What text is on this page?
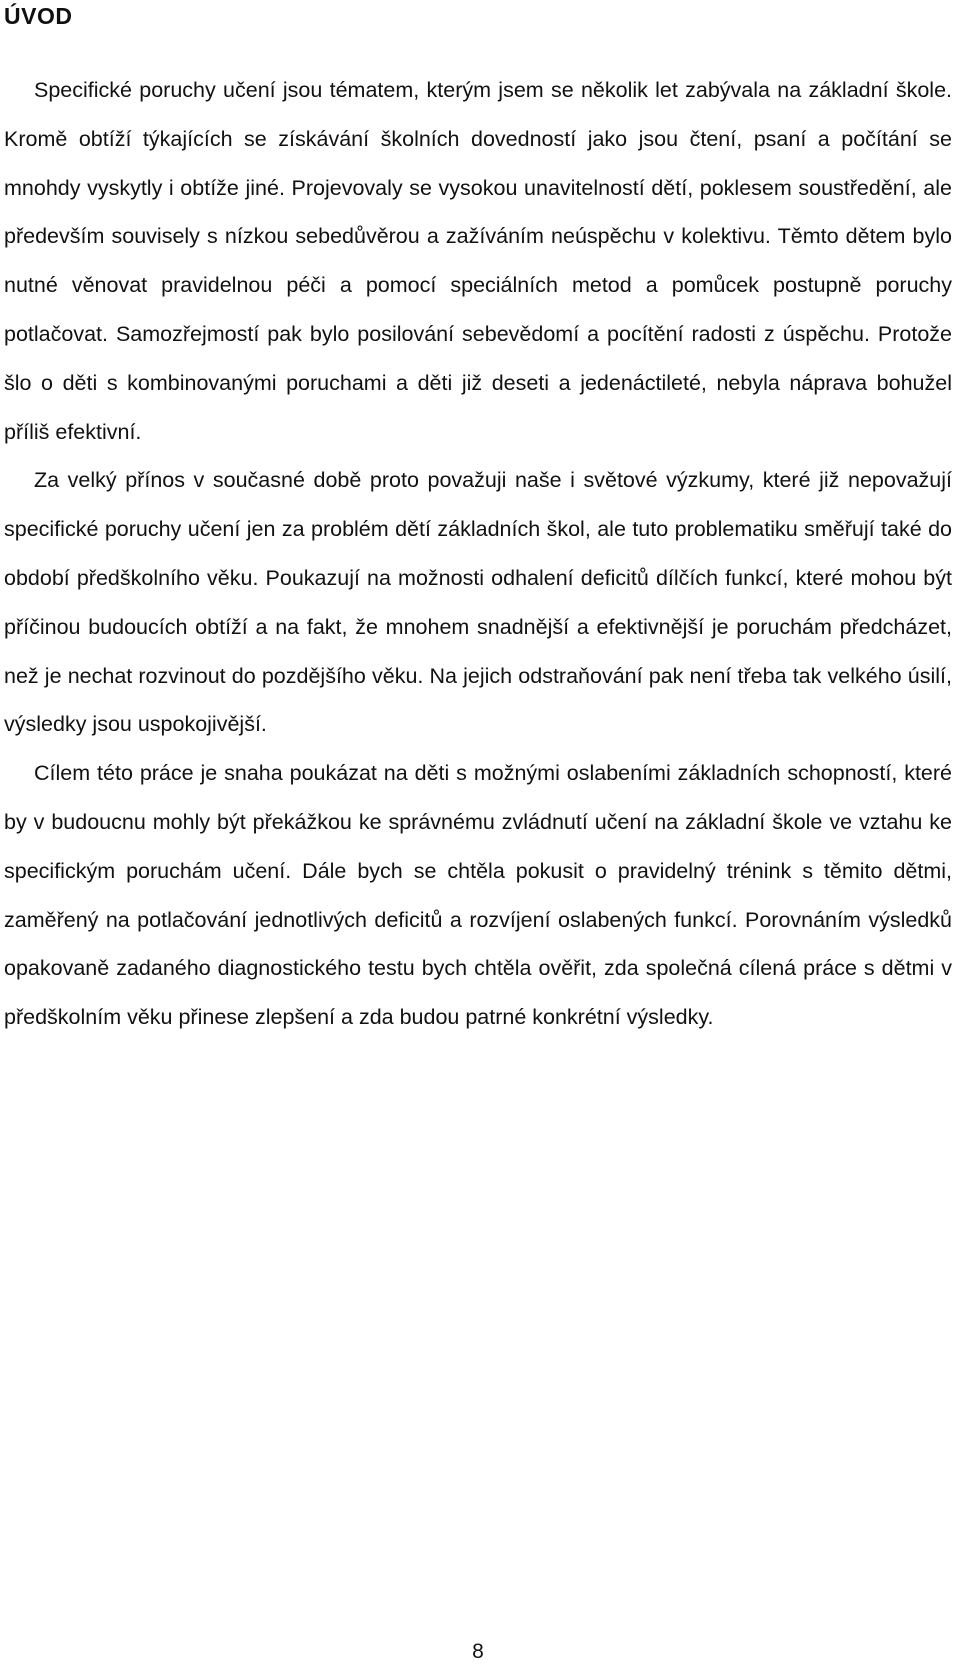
ÚVOD

Specifické poruchy učení jsou tématem, kterým jsem se několik let zabývala na základní škole. Kromě obtíží týkajících se získávání školních dovedností jako jsou čtení, psaní a počítání se mnohdy vyskytly i obtíže jiné. Projevovaly se vysokou unavitelností dětí, poklesem soustředění, ale především souvisely s nízkou sebedůvěrou a zažíváním neúspěchu v kolektivu. Těmto dětem bylo nutné věnovat pravidelnou péči a pomocí speciálních metod a pomůcek postupně poruchy potlačovat. Samozřejmostí pak bylo posilování sebevědomí a pocítění radosti z úspěchu. Protože šlo o děti s kombinovanými poruchami a děti již deseti a jedenáctileté, nebyla náprava bohužel příliš efektivní.

Za velký přínos v současné době proto považuji naše i světové výzkumy, které již nepovažují specifické poruchy učení jen za problém dětí základních škol, ale tuto problematiku směřují také do období předškolního věku. Poukazují na možnosti odhalení deficitů dílčích funkcí, které mohou být příčinou budoucích obtíží a na fakt, že mnohem snadnější a efektivnější je poruchám předcházet, než je nechat rozvinout do pozdějšího věku. Na jejich odstraňování pak není třeba tak velkého úsilí, výsledky jsou uspokojivější.

Cílem této práce je snaha poukázat na děti s možnými oslabeními základních schopností, které by v budoucnu mohly být překážkou ke správnému zvládnutí učení na základní škole ve vztahu ke specifickým poruchám učení. Dále bych se chtěla pokusit o pravidelný trénink s těmito dětmi, zaměřený na potlačování jednotlivých deficitů a rozvíjení oslabených funkcí. Porovnáním výsledků opakovaně zadaného diagnostického testu bych chtěla ověřit, zda společná cílená práce s dětmi v předškolním věku přinese zlepšení a zda budou patrné konkrétní výsledky.

8
